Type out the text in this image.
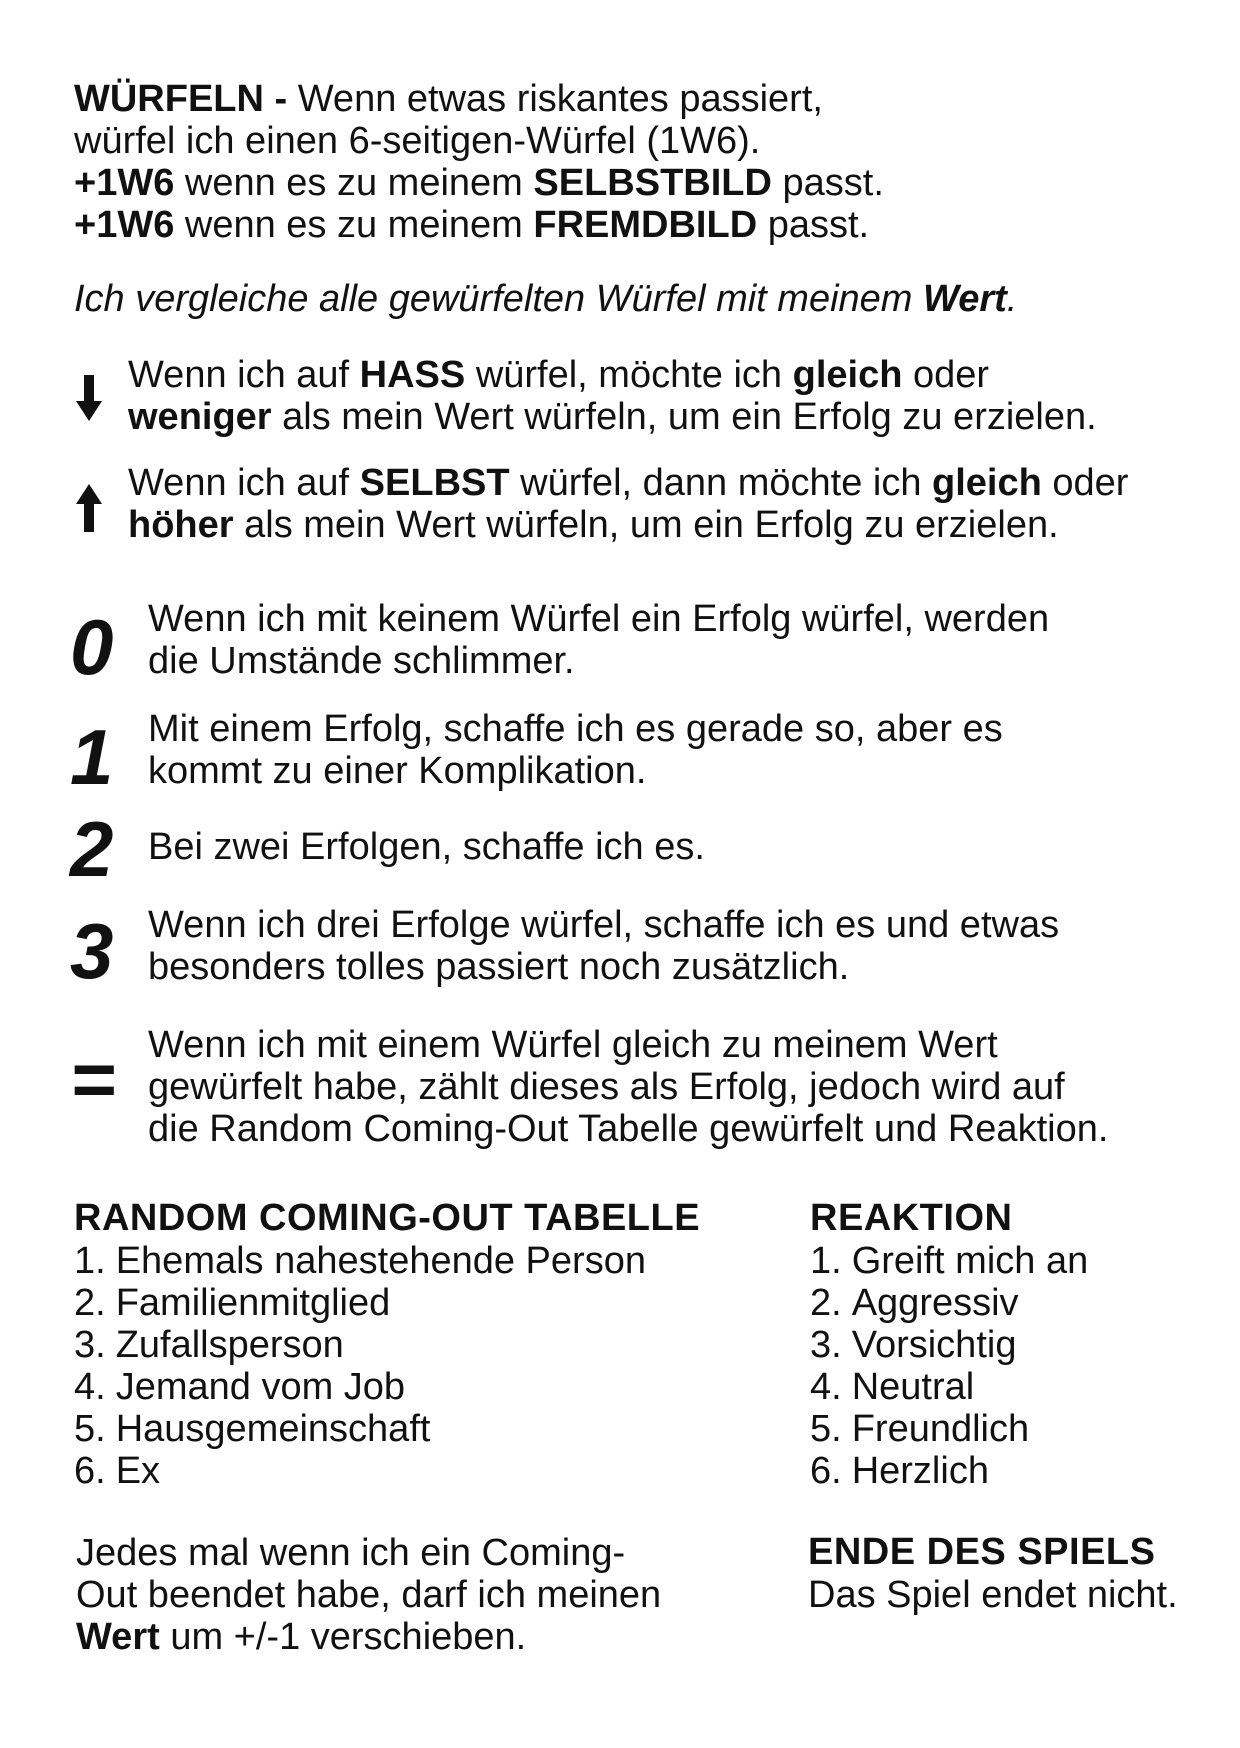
WÜRFELN - Wenn etwas riskantes passiert,
würfel ich einen 6-seitigen-Würfel (1W6).
+1W6 wenn es zu meinem SELBSTBILD passt.
+1W6 wenn es zu meinem FREMDBILD passt.
Ich vergleiche alle gewürfelten Würfel mit meinem Wert.
Wenn ich auf HASS würfel, möchte ich gleich oder
weniger als mein Wert würfeln, um ein Erfolg zu erzielen.
Wenn ich auf SELBST würfel, dann möchte ich gleich oder
höher als mein Wert würfeln, um ein Erfolg zu erzielen.
0 Wenn ich mit keinem Würfel ein Erfolg würfel, werden
die Umstände schlimmer.
1 Mit einem Erfolg, schaffe ich es gerade so, aber es
kommt zu einer Komplikation.
2 Bei zwei Erfolgen, schaffe ich es.
3 Wenn ich drei Erfolge würfel, schaffe ich es und etwas
besonders tolles passiert noch zusätzlich.
= Wenn ich mit einem Würfel gleich zu meinem Wert
gewürfelt habe, zählt dieses als Erfolg, jedoch wird auf
die Random Coming-Out Tabelle gewürfelt und Reaktion.
RANDOM COMING-OUT TABELLE
1. Ehemals nahestehende Person
2. Familienmitglied
3. Zufallsperson
4. Jemand vom Job
5. Hausgemeinschaft
6. Ex
REAKTION
1. Greift mich an
2. Aggressiv
3. Vorsichtig
4. Neutral
5. Freundlich
6. Herzlich
Jedes mal wenn ich ein Coming-
Out beendet habe, darf ich meinen
Wert um +/-1 verschieben.
ENDE DES SPIELS
Das Spiel endet nicht.
